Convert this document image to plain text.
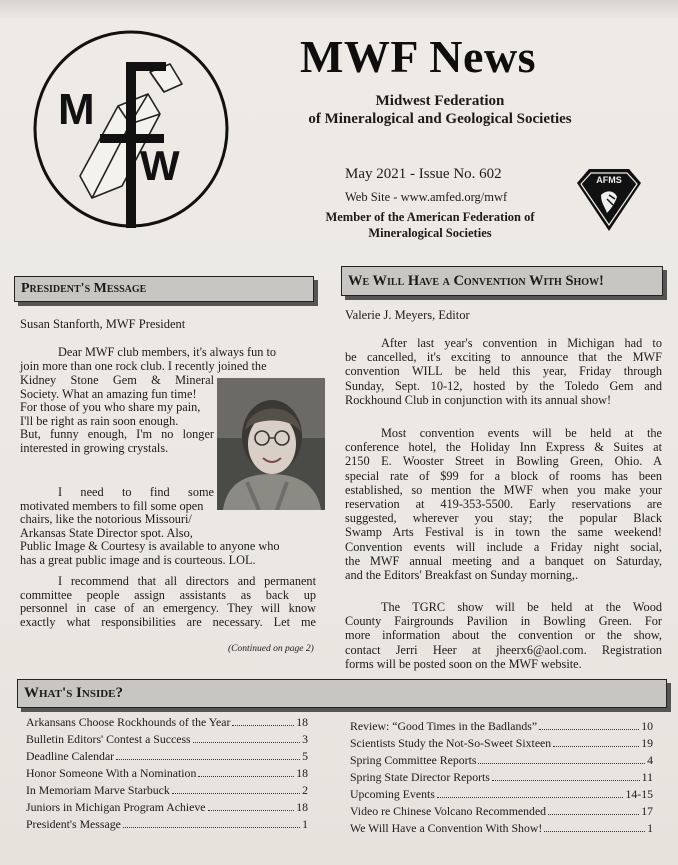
M
W
F	MWF News
Midwest Federation
of Mineralogical and Geological Societies
May 2021 - Issue No. 602
Web Site - www.amfed.org/mwf
Member of the American Federation of
Mineralogical Societies
AFMS
President's Message
Susan Stanforth, MWF President

Dear MWF club members, it's always fun to

join more than one rock club. I recently joined the

Kidney Stone Gem & Mineral

Society. What an amazing fun time!

For those of you who share my pain,

I'll be right as rain soon enough.

But, funny enough, I'm no longer

interested in growing crystals.

I need to find some

motivated members to fill some open

chairs, like the notorious Missouri/

Arkansas State Director spot. Also,

Public Image & Courtesy is available to anyone who

has a great public image and is courteous. LOL.

I recommend that all directors and permanent

committee people assign assistants as back up

personnel in case of an emergency. They will know

exactly what responsibilities are necessary. Let me

(Continued on page 2)
We Will Have a Convention With Show!
Valerie J. Meyers, Editor

After last year's convention in Michigan had to

be cancelled, it's exciting to announce that the MWF

convention WILL be held this year, Friday through

Sunday, Sept. 10-12, hosted by the Toledo Gem and

Rockhound Club in conjunction with its annual show!

Most convention events will be held at the

conference hotel, the Holiday Inn Express & Suites at

2150 E. Wooster Street in Bowling Green, Ohio. A

special rate of $99 for a block of rooms has been

established, so mention the MWF when you make your

reservation at 419-353-5500. Early reservations are

suggested, wherever you stay; the popular Black

Swamp Arts Festival is in town the same weekend!

Convention events will include a Friday night social,

the MWF annual meeting and a banquet on Saturday,

and the Editors' Breakfast on Sunday morning,.

The TGRC show will be held at the Wood

County Fairgrounds Pavilion in Bowling Green. For

more information about the convention or the show,

contact Jerri Heer at jheerx6@aol.com. Registration

forms will be posted soon on the MWF website.

What's Inside?
Arkansans Choose Rockhounds of the Year	18
Bulletin Editors' Contest a Success	3
Deadline Calendar	5
Honor Someone With a Nomination	18
In Memoriam Marve Starbuck	2
Juniors in Michigan Program Achieve	18
President's Message	1
Review: “Good Times in the Badlands”	10
Scientists Study the Not-So-Sweet Sixteen	19
Spring Committee Reports	4
Spring State Director Reports	11
Upcoming Events	14-15
Video re Chinese Volcano Recommended	17
We Will Have a Convention With Show!	1
